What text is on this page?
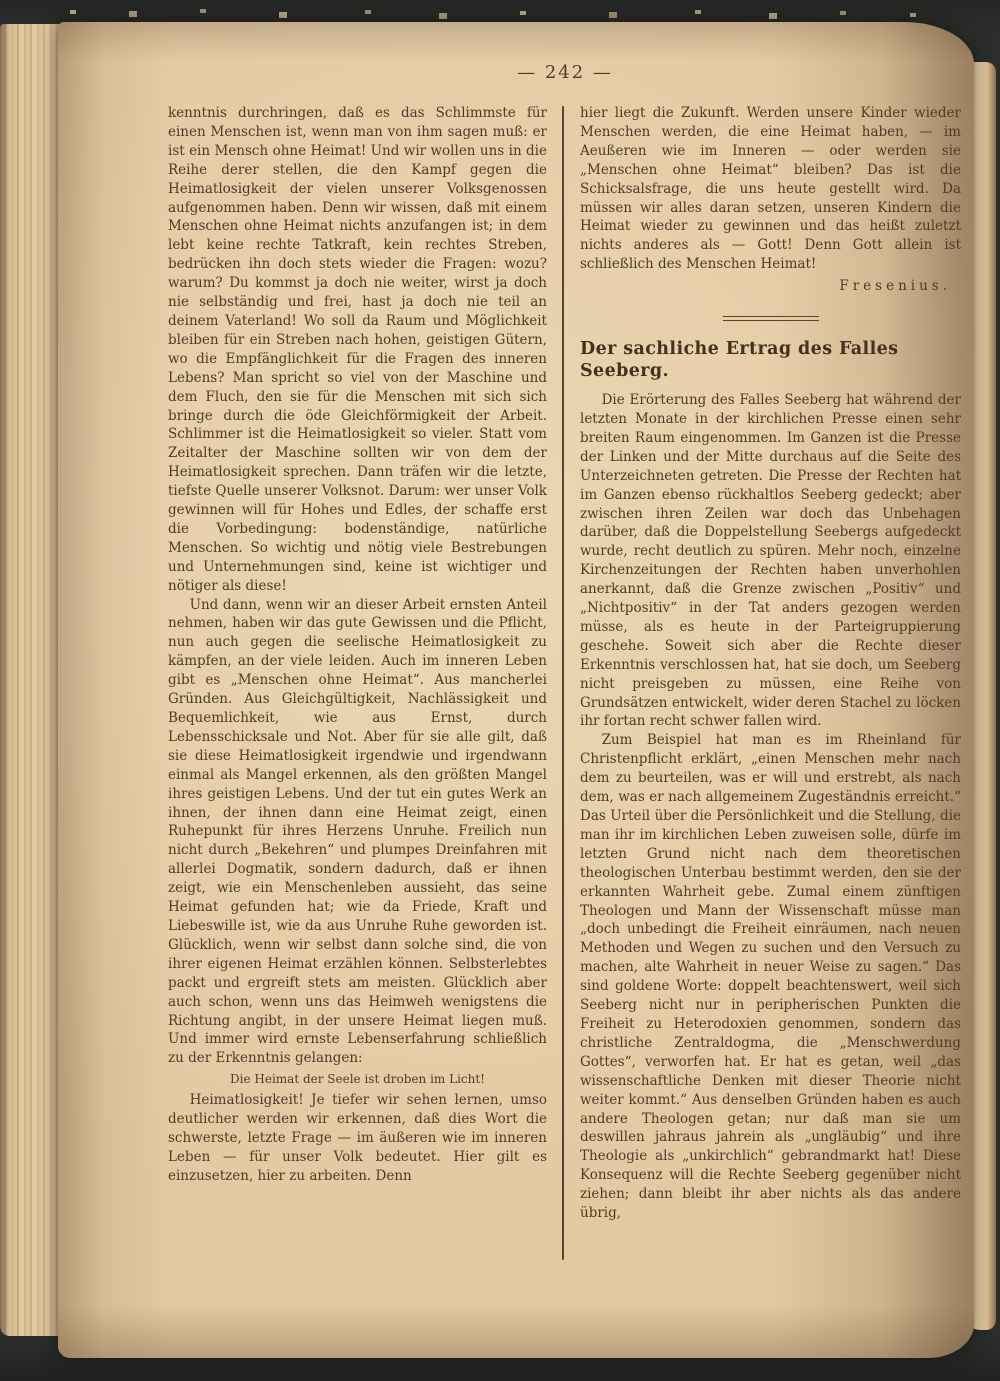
— 242 —

kenntnis durchringen, daß es das Schlimmste für einen Menschen ist, wenn man von ihm sagen muß: er ist ein Mensch ohne Heimat! Und wir wollen uns in die Reihe derer stellen, die den Kampf gegen die Heimatlosigkeit der vielen unserer Volksgenossen aufgenommen haben. Denn wir wissen, daß mit einem Menschen ohne Heimat nichts anzufangen ist; in dem lebt keine rechte Tatkraft, kein rechtes Streben, bedrücken ihn doch stets wieder die Fragen: wozu? warum? Du kommst ja doch nie weiter, wirst ja doch nie selbständig und frei, hast ja doch nie teil an deinem Vaterland! Wo soll da Raum und Möglichkeit bleiben für ein Streben nach hohen, geistigen Gütern, wo die Empfänglichkeit für die Fragen des inneren Lebens? Man spricht so viel von der Maschine und dem Fluch, den sie für die Menschen mit sich sich bringe durch die öde Gleichförmigkeit der Arbeit. Schlimmer ist die Heimatlosigkeit so vieler. Statt vom Zeitalter der Maschine sollten wir von dem der Heimatlosigkeit sprechen. Dann träfen wir die letzte, tiefste Quelle unserer Volksnot. Darum: wer unser Volk gewinnen will für Hohes und Edles, der schaffe erst die Vorbedingung: bodenständige, natürliche Menschen. So wichtig und nötig viele Bestrebungen und Unternehmungen sind, keine ist wichtiger und nötiger als diese!

Und dann, wenn wir an dieser Arbeit ernsten Anteil nehmen, haben wir das gute Gewissen und die Pflicht, nun auch gegen die seelische Heimatlosigkeit zu kämpfen, an der viele leiden. Auch im inneren Leben gibt es „Menschen ohne Heimat“. Aus mancherlei Gründen. Aus Gleichgültigkeit, Nachlässigkeit und Bequemlichkeit, wie aus Ernst, durch Lebensschicksale und Not. Aber für sie alle gilt, daß sie diese Heimatlosigkeit irgendwie und irgendwann einmal als Mangel erkennen, als den größten Mangel ihres geistigen Lebens. Und der tut ein gutes Werk an ihnen, der ihnen dann eine Heimat zeigt, einen Ruhepunkt für ihres Herzens Unruhe. Freilich nun nicht durch „Bekehren“ und plumpes Dreinfahren mit allerlei Dogmatik, sondern dadurch, daß er ihnen zeigt, wie ein Menschenleben aussieht, das seine Heimat gefunden hat; wie da Friede, Kraft und Liebeswille ist, wie da aus Unruhe Ruhe geworden ist. Glücklich, wenn wir selbst dann solche sind, die von ihrer eigenen Heimat erzählen können. Selbsterlebtes packt und ergreift stets am meisten. Glücklich aber auch schon, wenn uns das Heimweh wenigstens die Richtung angibt, in der unsere Heimat liegen muß. Und immer wird ernste Lebenserfahrung schließlich zu der Erkenntnis gelangen:

Die Heimat der Seele ist droben im Licht!

Heimatlosigkeit! Je tiefer wir sehen lernen, umso deutlicher werden wir erkennen, daß dies Wort die schwerste, letzte Frage — im äußeren wie im inneren Leben — für unser Volk bedeutet. Hier gilt es einzusetzen, hier zu arbeiten. Denn

hier liegt die Zukunft. Werden unsere Kinder wieder Menschen werden, die eine Heimat haben, — im Aeußeren wie im Inneren — oder werden sie „Menschen ohne Heimat“ bleiben? Das ist die Schicksalsfrage, die uns heute gestellt wird. Da müssen wir alles daran setzen, unseren Kindern die Heimat wieder zu gewinnen und das heißt zuletzt nichts anderes als — Gott! Denn Gott allein ist schließlich des Menschen Heimat!

Fresenius.

Der sachliche Ertrag des Falles Seeberg.

Die Erörterung des Falles Seeberg hat während der letzten Monate in der kirchlichen Presse einen sehr breiten Raum eingenommen. Im Ganzen ist die Presse der Linken und der Mitte durchaus auf die Seite des Unterzeichneten getreten. Die Presse der Rechten hat im Ganzen ebenso rückhaltlos Seeberg gedeckt; aber zwischen ihren Zeilen war doch das Unbehagen darüber, daß die Doppelstellung Seebergs aufgedeckt wurde, recht deutlich zu spüren. Mehr noch, einzelne Kirchenzeitungen der Rechten haben unverhohlen anerkannt, daß die Grenze zwischen „Positiv“ und „Nichtpositiv“ in der Tat anders gezogen werden müsse, als es heute in der Parteigruppierung geschehe. Soweit sich aber die Rechte dieser Erkenntnis verschlossen hat, hat sie doch, um Seeberg nicht preisgeben zu müssen, eine Reihe von Grundsätzen entwickelt, wider deren Stachel zu löcken ihr fortan recht schwer fallen wird.

Zum Beispiel hat man es im Rheinland für Christenpflicht erklärt, „einen Menschen mehr nach dem zu beurteilen, was er will und erstrebt, als nach dem, was er nach allgemeinem Zugeständnis erreicht.“ Das Urteil über die Persönlichkeit und die Stellung, die man ihr im kirchlichen Leben zuweisen solle, dürfe im letzten Grund nicht nach dem theoretischen theologischen Unterbau bestimmt werden, den sie der erkannten Wahrheit gebe. Zumal einem zünftigen Theologen und Mann der Wissenschaft müsse man „doch unbedingt die Freiheit einräumen, nach neuen Methoden und Wegen zu suchen und den Versuch zu machen, alte Wahrheit in neuer Weise zu sagen.“ Das sind goldene Worte: doppelt beachtenswert, weil sich Seeberg nicht nur in peripherischen Punkten die Freiheit zu Heterodoxien genommen, sondern das christliche Zentraldogma, die „Menschwerdung Gottes“, verworfen hat. Er hat es getan, weil „das wissenschaftliche Denken mit dieser Theorie nicht weiter kommt.“ Aus denselben Gründen haben es auch andere Theologen getan; nur daß man sie um deswillen jahraus jahrein als „ungläubig“ und ihre Theologie als „unkirchlich“ gebrandmarkt hat! Diese Konsequenz will die Rechte Seeberg gegenüber nicht ziehen; dann bleibt ihr aber nichts als das andere übrig,
